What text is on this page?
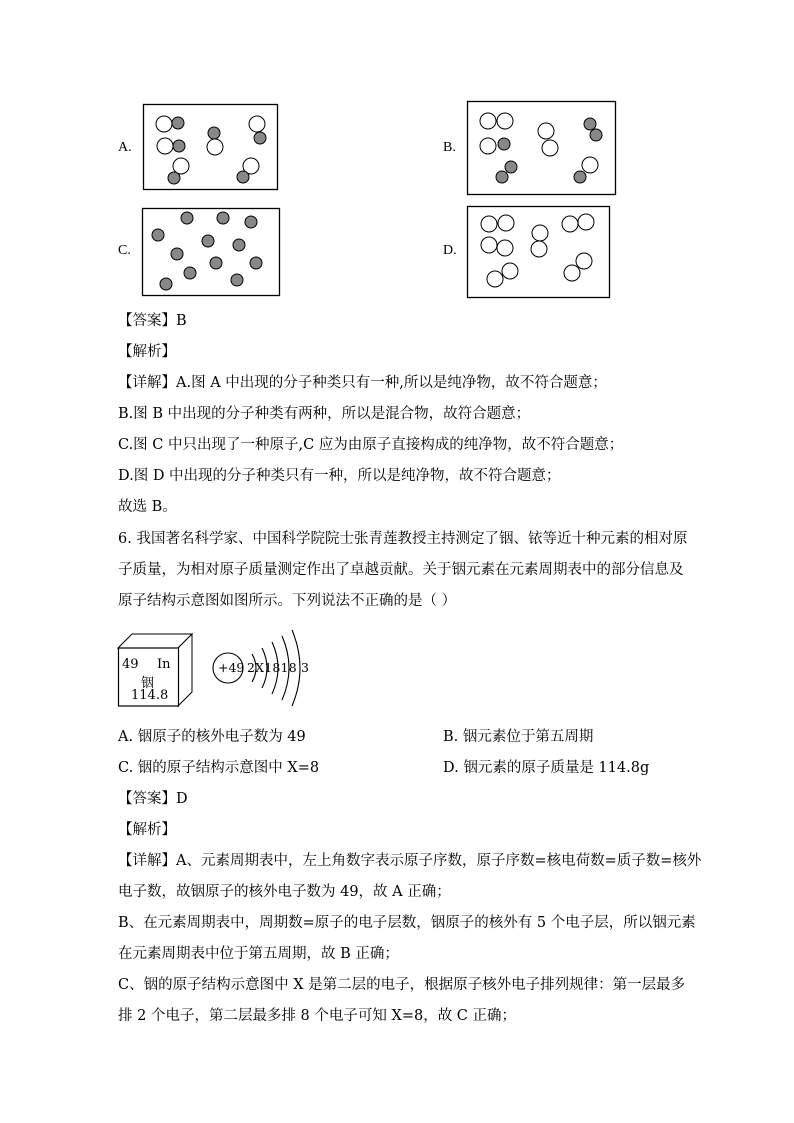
A.	B.
C.	D.
【答案】B
【解析】
【详解】A.图 A 中出现的分子种类只有一种,所以是纯净物，故不符合题意；
B.图 B 中出现的分子种类有两种，所以是混合物，故符合题意；
C.图 C 中只出现了一种原子,C 应为由原子直接构成的纯净物，故不符合题意；
D.图 D 中出现的分子种类只有一种，所以是纯净物，故不符合题意；
故选 B。
6. 我国著名科学家、中国科学院院士张青莲教授主持测定了铟、铱等近十种元素的相对原
子质量，为相对原子质量测定作出了卓越贡献。关于铟元素在元素周期表中的部分信息及
原子结构示意图如图所示。下列说法不正确的是（ ）
49 In
铟
114.8
+49 2X1818 3
A. 铟原子的核外电子数为 49	B. 铟元素位于第五周期
C. 铟的原子结构示意图中 X=8	D. 铟元素的原子质量是 114.8g
【答案】D
【解析】
【详解】A、元素周期表中，左上角数字表示原子序数，原子序数=核电荷数=质子数=核外
电子数，故铟原子的核外电子数为 49，故 A 正确；
B、在元素周期表中，周期数=原子的电子层数，铟原子的核外有 5 个电子层，所以铟元素
在元素周期表中位于第五周期，故 B 正确；
C、铟的原子结构示意图中 X 是第二层的电子，根据原子核外电子排列规律：第一层最多
排 2 个电子，第二层最多排 8 个电子可知 X=8，故 C 正确；
